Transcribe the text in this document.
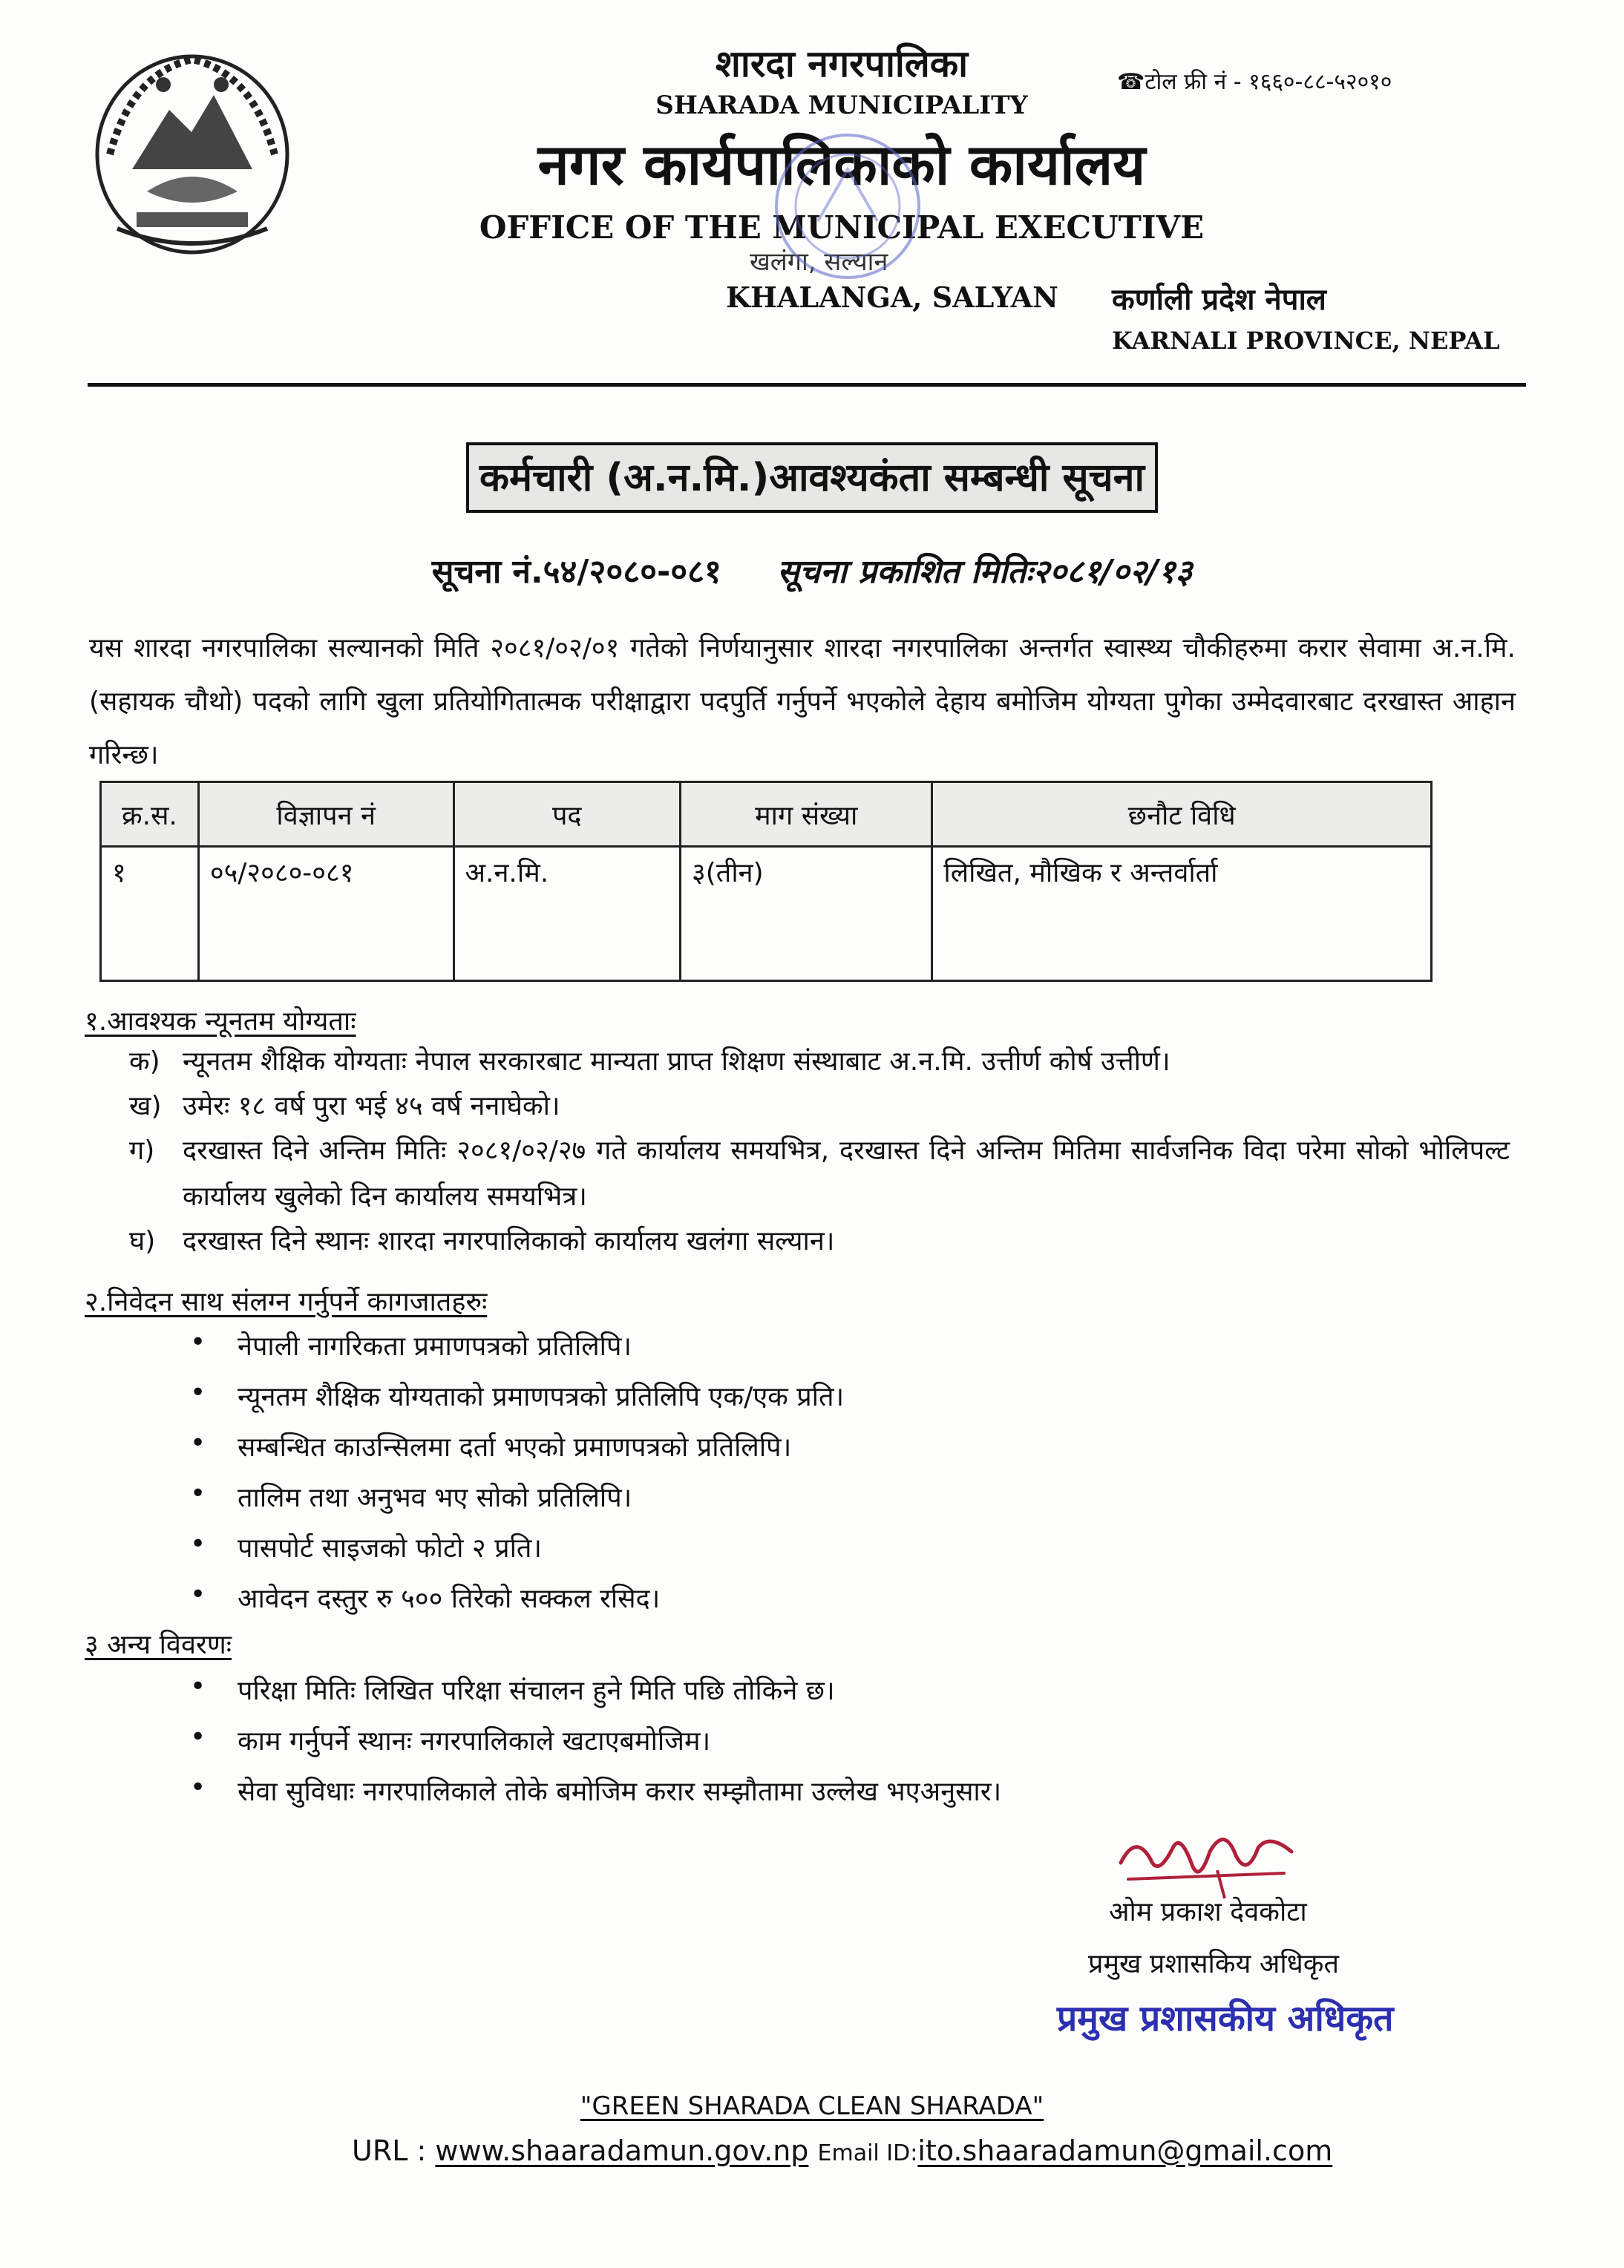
शारदा नगरपालिका
SHARADA MUNICIPALITY
नगर कार्यपालिकाको कार्यालय
OFFICE OF THE MUNICIPAL EXECUTIVE
खलंगा, सल्यान
KHALANGA, SALYAN
☎टोल फ्री नं - १६६०-८८-५२०१०
कर्णाली प्रदेश नेपाल
KARNALI PROVINCE, NEPAL
कर्मचारी (अ.न.मि.)आवश्यकंता सम्बन्धी सूचना
सूचना नं.५४/२०८०-०८१ सूचना प्रकाशित मितिः२०८१/०२/१३
यस शारदा नगरपालिका सल्यानको मिति २०८१/०२/०१ गतेको निर्णयानुसार शारदा नगरपालिका अन्तर्गत स्वास्थ्य चौकीहरुमा करार सेवामा अ.न.मि. (सहायक चौथो) पदको लागि खुला प्रतियोगितात्मक परीक्षाद्वारा पदपुर्ति गर्नुपर्ने भएकोले देहाय बमोजिम योग्यता पुगेका उम्मेदवारबाट दरखास्त आहान गरिन्छ।
क्र.स.	विज्ञापन नं	पद	माग संख्या	छनौट विधि
१	०५/२०८०-०८१	अ.न.मि.	३(तीन)	लिखित, मौखिक र अन्तर्वार्ता
१.आवश्यक न्यूनतम योग्यताः
क) न्यूनतम शैक्षिक योग्यताः नेपाल सरकारबाट मान्यता प्राप्त शिक्षण संस्थाबाट अ.न.मि. उत्तीर्ण कोर्ष उत्तीर्ण।
ख) उमेरः १८ वर्ष पुरा भई ४५ वर्ष ननाघेको।
ग)	दरखास्त दिने अन्तिम मितिः २०८१/०२/२७ गते कार्यालय समयभित्र, दरखास्त दिने अन्तिम मितिमा सार्वजनिक विदा परेमा सोको भोलिपल्ट कार्यालय खुलेको दिन कार्यालय समयभित्र।
घ) दरखास्त दिने स्थानः शारदा नगरपालिकाको कार्यालय खलंगा सल्यान।
२.निवेदन साथ संलग्न गर्नुपर्ने कागजातहरुः
• नेपाली नागरिकता प्रमाणपत्रको प्रतिलिपि।
• न्यूनतम शैक्षिक योग्यताको प्रमाणपत्रको प्रतिलिपि एक/एक प्रति।
• सम्बन्धित काउन्सिलमा दर्ता भएको प्रमाणपत्रको प्रतिलिपि।
• तालिम तथा अनुभव भए सोको प्रतिलिपि।
• पासपोर्ट साइजको फोटो २ प्रति।
• आवेदन दस्तुर रु ५०० तिरेको सक्कल रसिद।
३ अन्य विवरणः
• परिक्षा मितिः लिखित परिक्षा संचालन हुने मिति पछि तोकिने छ।
• काम गर्नुपर्ने स्थानः नगरपालिकाले खटाएबमोजिम।
• सेवा सुविधाः नगरपालिकाले तोके बमोजिम करार सम्झौतामा उल्लेख भएअनुसार।
ओम प्रकाश देवकोटा
प्रमुख प्रशासकिय अधिकृत
प्रमुख प्रशासकीय अधिकृत
"GREEN SHARADA CLEAN SHARADA"
URL : www.shaaradamun.gov.np Email ID:ito.shaaradamun@gmail.com
